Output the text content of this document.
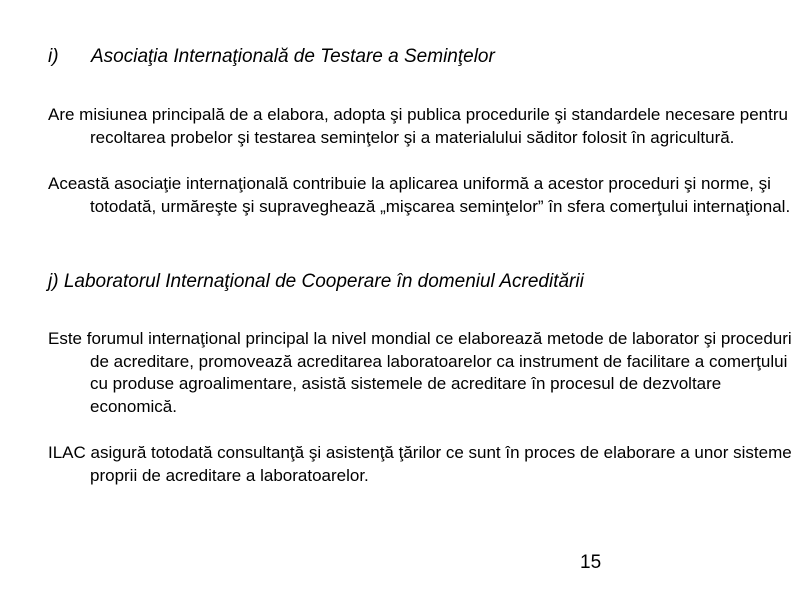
i) Asociaţia Internaţională de Testare a Seminţelor

Are misiunea principală de a elabora, adopta şi publica procedurile şi standardele necesare pentru recoltarea probelor şi testarea seminţelor şi a materialului săditor folosit în agricultură.

Această asociaţie internaţională contribuie la aplicarea uniformă a acestor proceduri şi norme, şi totodată, urmăreşte şi supraveghează „mişcarea seminţelor” în sfera comerţului internaţional.

j) Laboratorul Internaţional de Cooperare în domeniul Acreditării

Este forumul internaţional principal la nivel mondial ce elaborează metode de laborator şi proceduri de acreditare, promovează acreditarea laboratoarelor ca instrument de facilitare a comerţului cu produse agroalimentare, asistă sistemele de acreditare în procesul de dezvoltare economică.

ILAC asigură totodată consultanţă şi asistenţă ţărilor ce sunt în proces de elaborare a unor sisteme proprii de acreditare a laboratoarelor.

15
